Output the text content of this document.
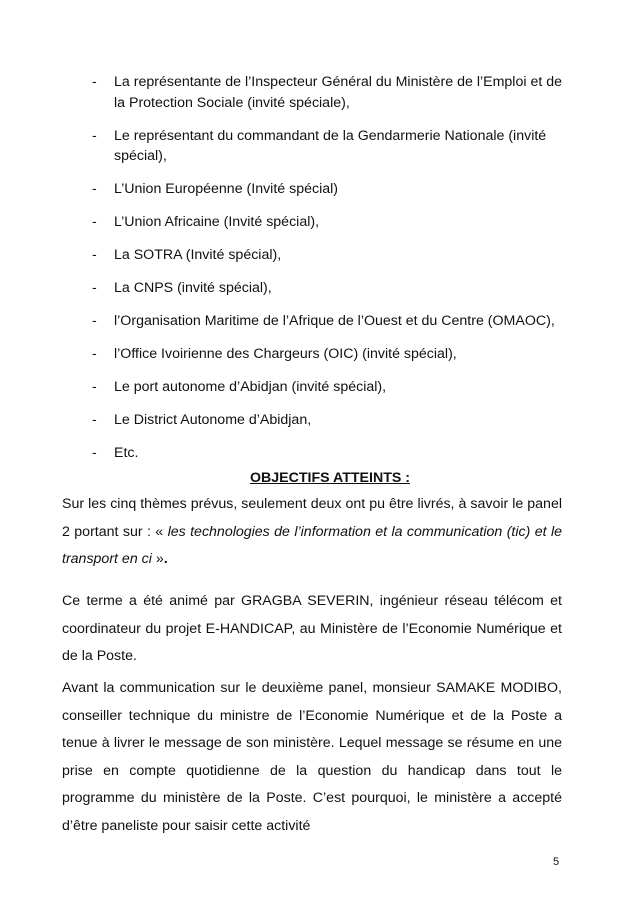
- La représentante de l’Inspecteur Général du Ministère de l’Emploi et de la Protection Sociale (invité spéciale),
- Le représentant du commandant de la Gendarmerie Nationale (invité spécial),
- L’Union Européenne (Invité spécial)
- L’Union Africaine (Invité spécial),
- La SOTRA (Invité spécial),
- La CNPS (invité spécial),
- l’Organisation Maritime de l’Afrique de l’Ouest et du Centre (OMAOC),
- l’Office Ivoirienne des Chargeurs (OIC) (invité spécial),
- Le port autonome d’Abidjan (invité spécial),
- Le District Autonome d’Abidjan,
- Etc.
OBJECTIFS ATTEINTS :

Sur les cinq thèmes prévus, seulement deux ont pu être livrés, à savoir le panel 2 portant sur : « les technologies de l’information et la communication (tic) et le transport en ci ».

Ce terme a été animé par GRAGBA SEVERIN, ingénieur réseau télécom et coordinateur du projet E-HANDICAP, au Ministère de l’Economie Numérique et de la Poste.

Avant la communication sur le deuxième panel, monsieur SAMAKE MODIBO, conseiller technique du ministre de l’Economie Numérique et de la Poste a tenue à livrer le message de son ministère. Lequel message se résume en une prise en compte quotidienne de la question du handicap dans tout le programme du ministère de la Poste. C’est pourquoi, le ministère a accepté d’être paneliste pour saisir cette activité

5
